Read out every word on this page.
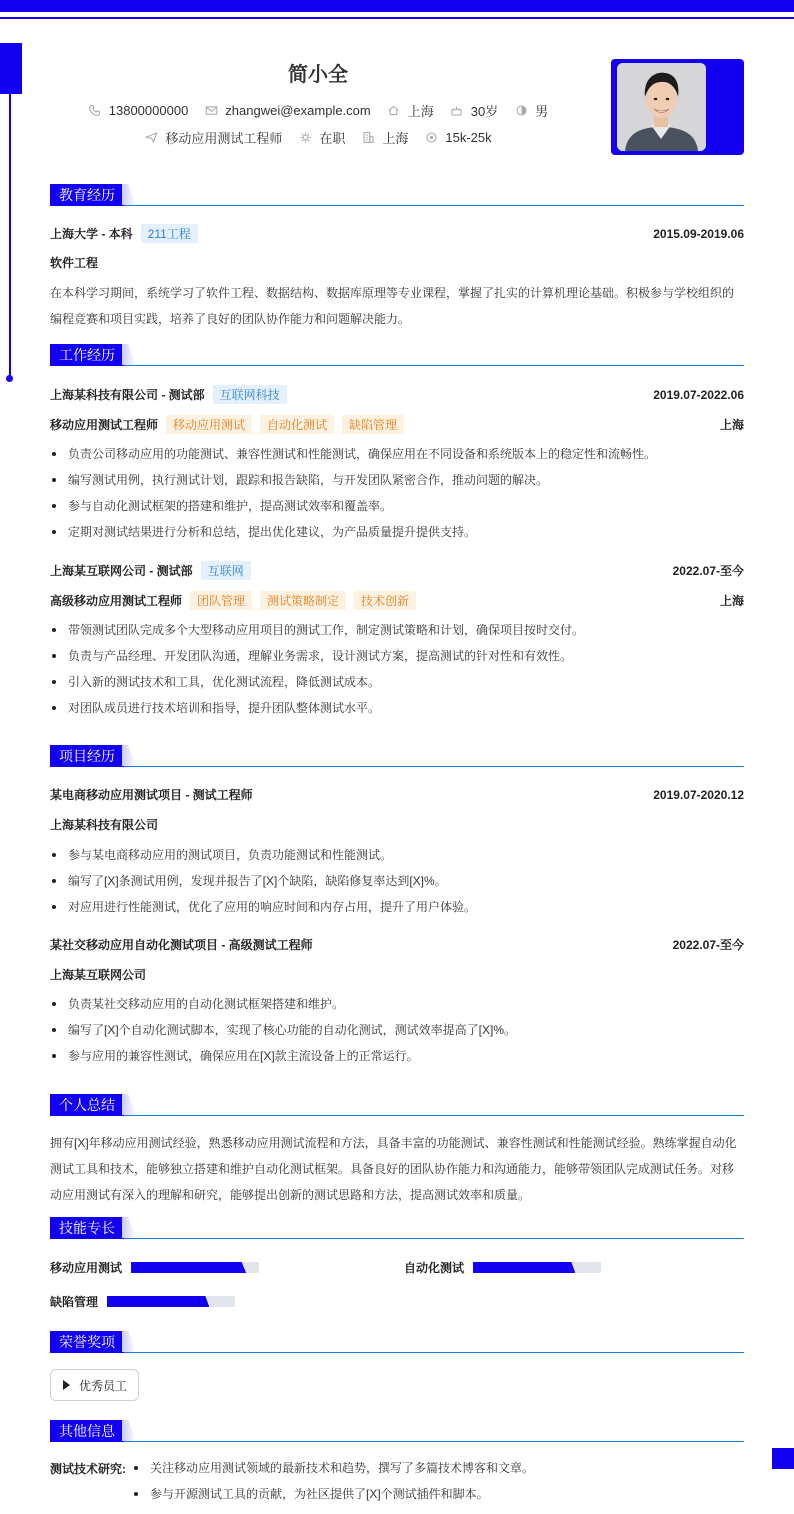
简小全
13800000000	zhangwei@example.com	上海	30岁	男
移动应用测试工程师	在职	上海	15k-25k
教育经历
上海大学 - 本科	211工程	2015.09-2019.06
软件工程
在本科学习期间，系统学习了软件工程、数据结构、数据库原理等专业课程，掌握了扎实的计算机理论基础。积极参与学校组织的编程竞赛和项目实践，培养了良好的团队协作能力和问题解决能力。
工作经历
上海某科技有限公司 - 测试部	互联网科技	2019.07-2022.06
移动应用测试工程师	移动应用测试	自动化测试	缺陷管理	上海
负责公司移动应用的功能测试、兼容性测试和性能测试，确保应用在不同设备和系统版本上的稳定性和流畅性。
编写测试用例，执行测试计划，跟踪和报告缺陷，与开发团队紧密合作，推动问题的解决。
参与自动化测试框架的搭建和维护，提高测试效率和覆盖率。
定期对测试结果进行分析和总结，提出优化建议，为产品质量提升提供支持。
上海某互联网公司 - 测试部	互联网	2022.07-至今
高级移动应用测试工程师	团队管理	测试策略制定	技术创新	上海
带领测试团队完成多个大型移动应用项目的测试工作，制定测试策略和计划，确保项目按时交付。
负责与产品经理、开发团队沟通，理解业务需求，设计测试方案，提高测试的针对性和有效性。
引入新的测试技术和工具，优化测试流程，降低测试成本。
对团队成员进行技术培训和指导，提升团队整体测试水平。
项目经历
某电商移动应用测试项目 - 测试工程师	2019.07-2020.12
上海某科技有限公司
参与某电商移动应用的测试项目，负责功能测试和性能测试。
编写了[X]条测试用例，发现并报告了[X]个缺陷，缺陷修复率达到[X]%。
对应用进行性能测试，优化了应用的响应时间和内存占用，提升了用户体验。
某社交移动应用自动化测试项目 - 高级测试工程师	2022.07-至今
上海某互联网公司
负责某社交移动应用的自动化测试框架搭建和维护。
编写了[X]个自动化测试脚本，实现了核心功能的自动化测试，测试效率提高了[X]%。
参与应用的兼容性测试，确保应用在[X]款主流设备上的正常运行。
个人总结
拥有[X]年移动应用测试经验，熟悉移动应用测试流程和方法，具备丰富的功能测试、兼容性测试和性能测试经验。熟练掌握自动化测试工具和技术，能够独立搭建和维护自动化测试框架。具备良好的团队协作能力和沟通能力，能够带领团队完成测试任务。对移动应用测试有深入的理解和研究，能够提出创新的测试思路和方法，提高测试效率和质量。
技能专长
移动应用测试	自动化测试
缺陷管理
荣誉奖项
优秀员工
其他信息
测试技术研究:	关注移动应用测试领域的最新技术和趋势，撰写了多篇技术博客和文章。
参与开源测试工具的贡献，为社区提供了[X]个测试插件和脚本。
